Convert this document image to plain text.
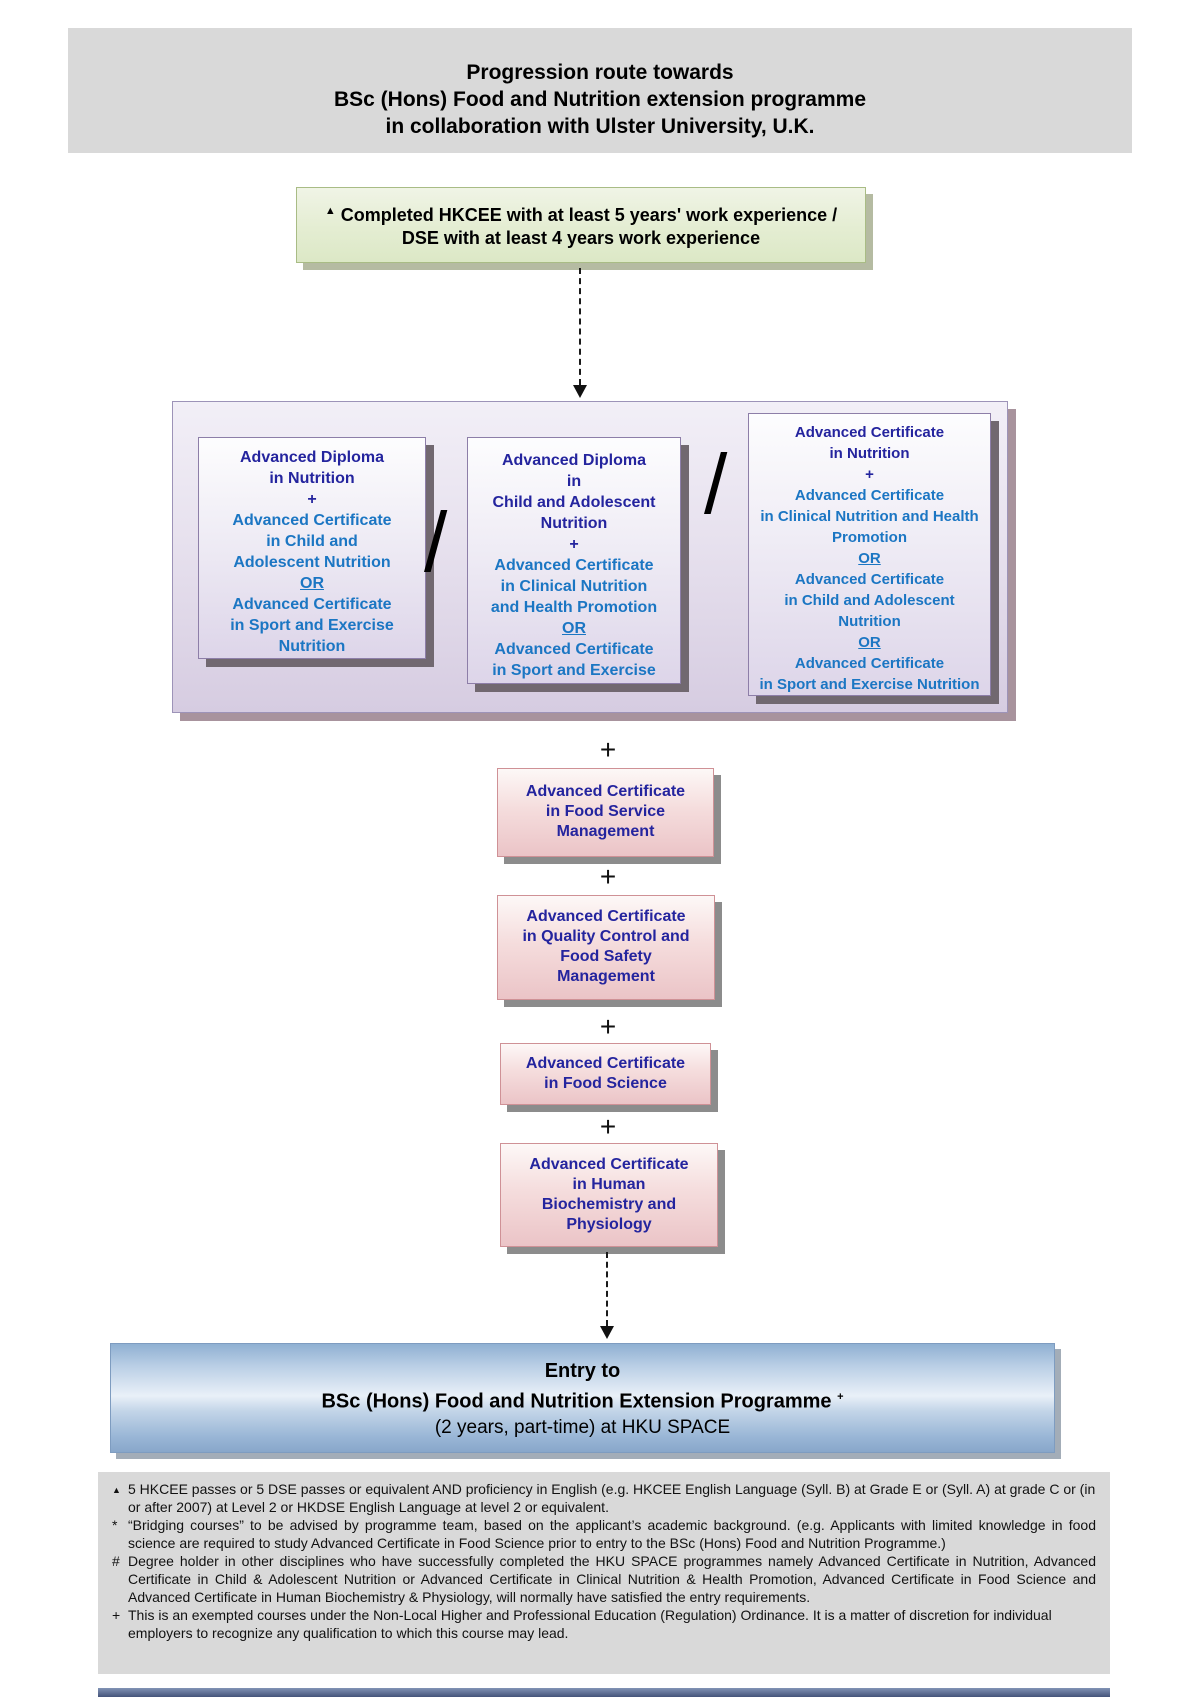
Progression route towards
BSc (Hons) Food and Nutrition extension programme
in collaboration with Ulster University, U.K.
▲ Completed HKCEE with at least 5 years' work experience /
DSE with at least 4 years work experience
Advanced Diploma
in Nutrition
+
Advanced Certificate
in Child and
Adolescent Nutrition
OR
Advanced Certificate
in Sport and Exercise
Nutrition
/
Advanced Diploma
in
Child and Adolescent
Nutrition
+
Advanced Certificate
in Clinical Nutrition
and Health Promotion
OR
Advanced Certificate
in Sport and Exercise
/
Advanced Certificate
in Nutrition
+
Advanced Certificate
in Clinical Nutrition and Health
Promotion
OR
Advanced Certificate
in Child and Adolescent
Nutrition
OR
Advanced Certificate
in Sport and Exercise Nutrition
+
Advanced Certificate
in Food Service
Management
+
Advanced Certificate
in Quality Control and
Food Safety
Management
+
Advanced Certificate
in Food Science
+
Advanced Certificate
in Human
Biochemistry and
Physiology
Entry to
BSc (Hons) Food and Nutrition Extension Programme +
(2 years, part-time) at HKU SPACE
▲ 5 HKCEE passes or 5 DSE passes or equivalent AND proficiency in English (e.g. HKCEE English Language (Syll. B) at Grade E or (Syll. A) at grade C or (in or after 2007) at Level 2 or HKDSE English Language at level 2 or equivalent.
* “Bridging courses” to be advised by programme team, based on the applicant’s academic background. (e.g. Applicants with limited knowledge in food science are required to study Advanced Certificate in Food Science prior to entry to the BSc (Hons) Food and Nutrition Programme.)
# Degree holder in other disciplines who have successfully completed the HKU SPACE programmes namely Advanced Certificate in Nutrition, Advanced Certificate in Child & Adolescent Nutrition or Advanced Certificate in Clinical Nutrition & Health Promotion, Advanced Certificate in Food Science and Advanced Certificate in Human Biochemistry & Physiology, will normally have satisfied the entry requirements.
+ This is an exempted courses under the Non-Local Higher and Professional Education (Regulation) Ordinance. It is a matter of discretion for individual employers to recognize any qualification to which this course may lead.
